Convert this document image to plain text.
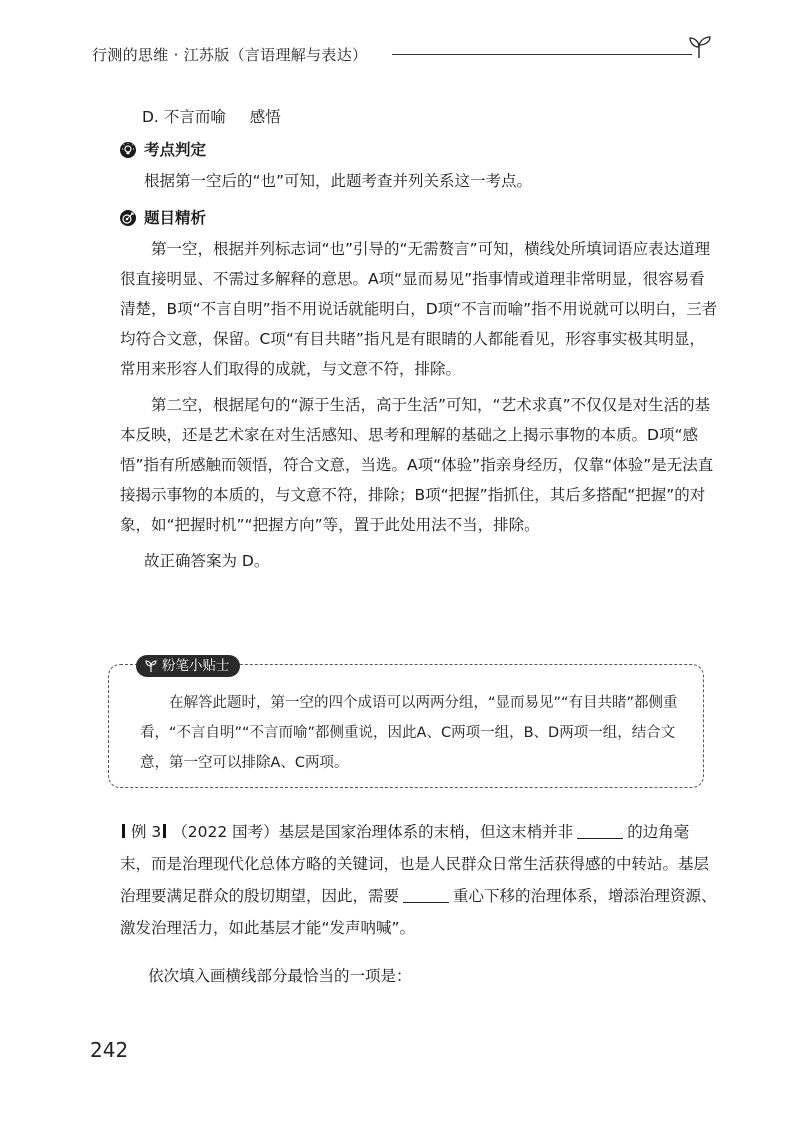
行测的思维 · 江苏版（言语理解与表达）

D. 不言而喻 感悟

考点判定

根据第一空后的“也”可知，此题考查并列关系这一考点。

题目精析

第一空，根据并列标志词“也”引导的“无需赘言”可知，横线处所填词语应表达道理很直接明显、不需过多解释的意思。A项“显而易见”指事情或道理非常明显，很容易看清楚，B项“不言自明”指不用说话就能明白，D项“不言而喻”指不用说就可以明白，三者均符合文意，保留。C项“有目共睹”指凡是有眼睛的人都能看见，形容事实极其明显，常用来形容人们取得的成就，与文意不符，排除。

第二空，根据尾句的“源于生活，高于生活”可知，“艺术求真”不仅仅是对生活的基本反映，还是艺术家在对生活感知、思考和理解的基础之上揭示事物的本质。D项“感悟”指有所感触而领悟，符合文意，当选。A项“体验”指亲身经历，仅靠“体验”是无法直接揭示事物的本质的，与文意不符，排除；B项“把握”指抓住，其后多搭配“把握”的对象，如“把握时机”“把握方向”等，置于此处用法不当，排除。

故正确答案为 D。

粉笔小贴士

在解答此题时，第一空的四个成语可以两两分组，“显而易见”“有目共睹”都侧重看，“不言自明”“不言而喻”都侧重说，因此A、C两项一组，B、D两项一组，结合文意，第一空可以排除A、C两项。

例 3 （2022 国考）基层是国家治理体系的末梢，但这末梢并非	的边角毫末，而是治理现代化总体方略的关键词，也是人民群众日常生活获得感的中转站。基层治理要满足群众的殷切期望，因此，需要	重心下移的治理体系，增添治理资源、激发治理活力，如此基层才能“发声呐喊”。

依次填入画横线部分最恰当的一项是：
242
